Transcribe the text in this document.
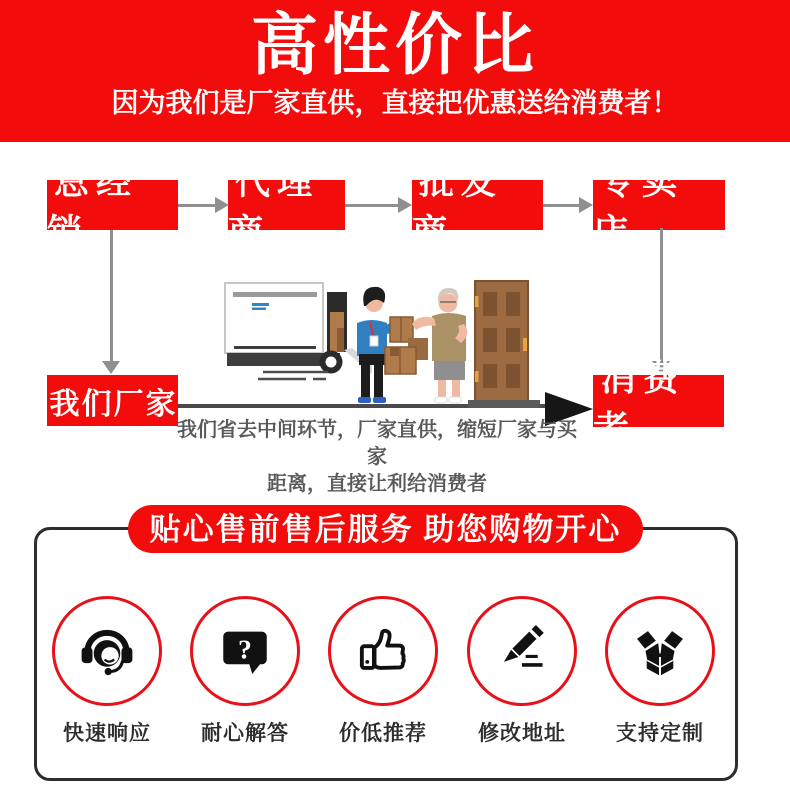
高性价比
因为我们是厂家直供，直接把优惠送给消费者！
总经销
代理商
批发商
专卖店
我们厂家
消费者
我们省去中间环节，厂家直供，缩短厂家与买家
距离，直接让利给消费者
贴心售前售后服务 助您购物开心
快速响应
?
耐心解答	价低推荐	修改地址	支持定制
